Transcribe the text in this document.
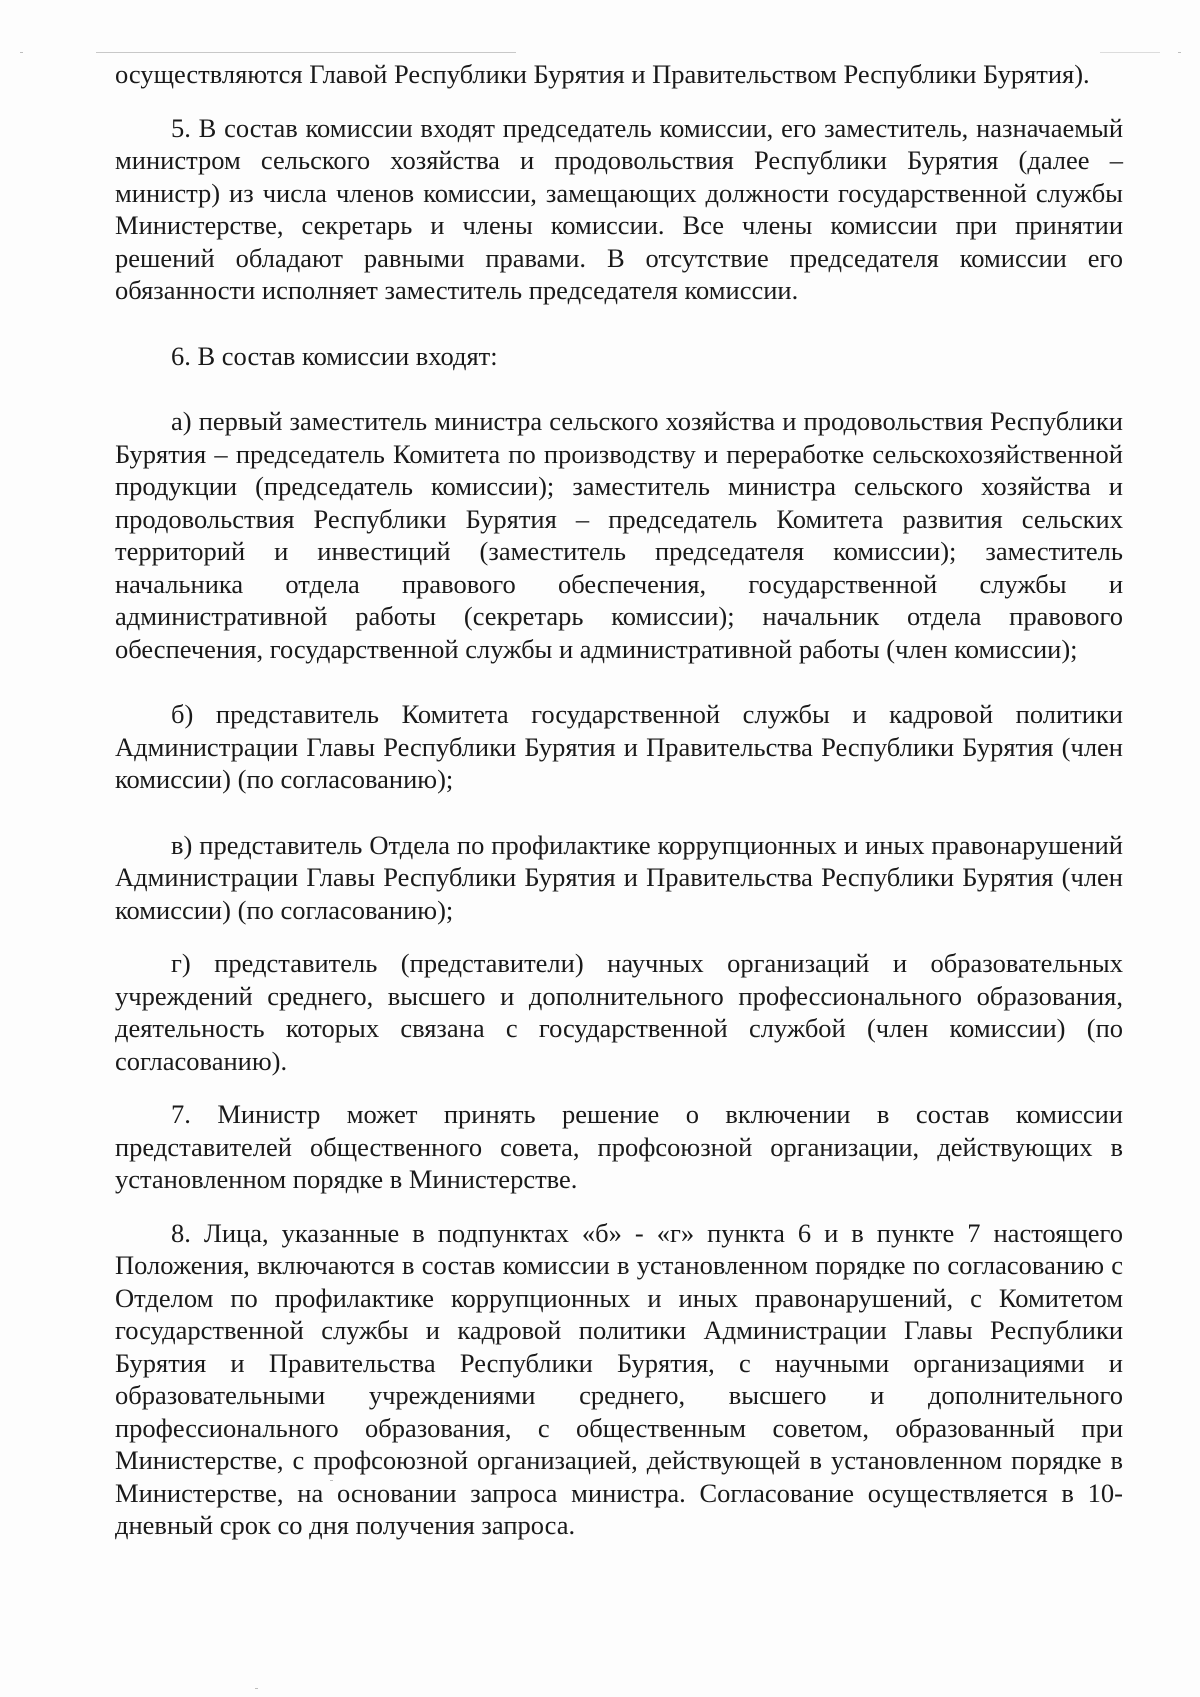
осуществляются Главой Республики Бурятия и Правительством Республики Бурятия).

5. В состав комиссии входят председатель комиссии, его заместитель, назначаемый министром сельского хозяйства и продовольствия Республики Бурятия (далее – министр) из числа членов комиссии, замещающих должности государственной службы Министерстве, секретарь и члены комиссии. Все члены комиссии при принятии решений обладают равными правами. В отсутствие председателя комиссии его обязанности исполняет заместитель председателя комиссии.

6. В состав комиссии входят:

а) первый заместитель министра сельского хозяйства и продовольствия Республики Бурятия – председатель Комитета по производству и переработке сельскохозяйственной продукции (председатель комиссии); заместитель министра сельского хозяйства и продовольствия Республики Бурятия – председатель Комитета развития сельских территорий и инвестиций (заместитель председателя комиссии); заместитель начальника отдела правового обеспечения, государственной службы и административной работы (секретарь комиссии); начальник отдела правового обеспечения, государственной службы и административной работы (член комиссии);

б) представитель Комитета государственной службы и кадровой политики Администрации Главы Республики Бурятия и Правительства Республики Бурятия (член комиссии) (по согласованию);

в) представитель Отдела по профилактике коррупционных и иных правонарушений Администрации Главы Республики Бурятия и Правительства Республики Бурятия (член комиссии) (по согласованию);

г) представитель (представители) научных организаций и образовательных учреждений среднего, высшего и дополнительного профессионального образования, деятельность которых связана с государственной службой (член комиссии) (по согласованию).

7. Министр может принять решение о включении в состав комиссии представителей общественного совета, профсоюзной организации, действующих в установленном порядке в Министерстве.

8. Лица, указанные в подпунктах «б» - «г» пункта 6 и в пункте 7 настоящего Положения, включаются в состав комиссии в установленном порядке по согласованию с Отделом по профилактике коррупционных и иных правонарушений, с Комитетом государственной службы и кадровой политики Администрации Главы Республики Бурятия и Правительства Республики Бурятия, с научными организациями и образовательными учреждениями среднего, высшего и дополнительного профессионального образования, с общественным советом, образованный при Министерстве, с профсоюзной организацией, действующей в установленном порядке в Министерстве, на основании запроса министра. Согласование осуществляется в 10-дневный срок со дня получения запроса.
